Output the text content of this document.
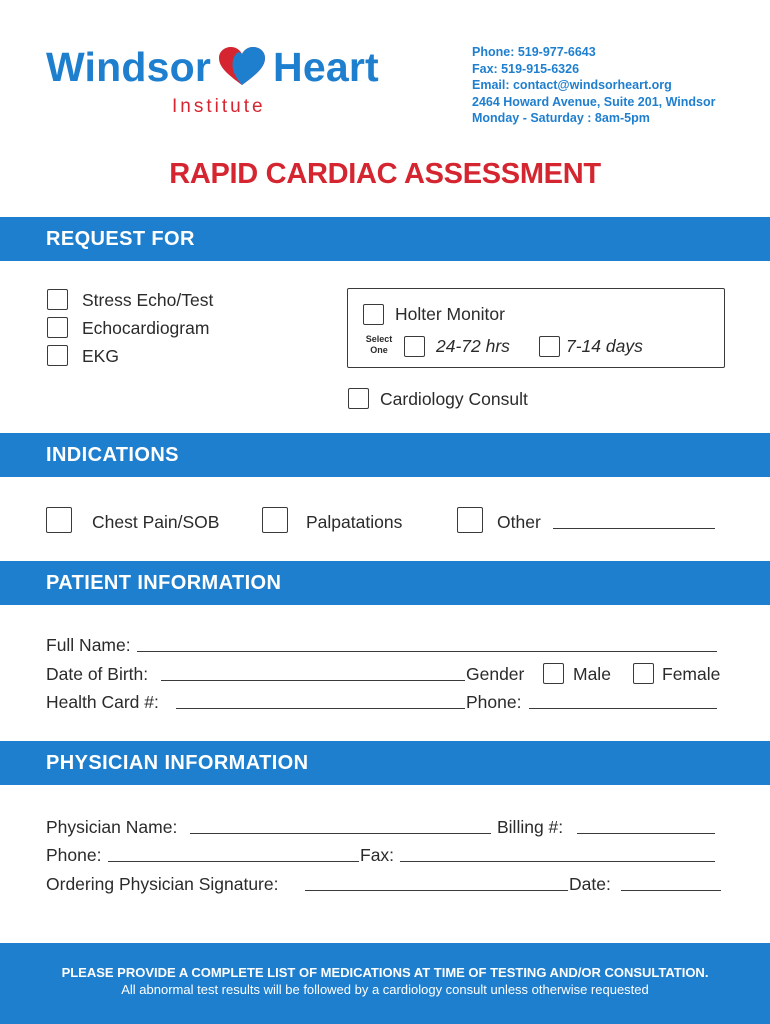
Windsor Heart
Institute
Phone: 519-977-6643
Fax: 519-915-6326
Email: contact@windsorheart.org
2464 Howard Avenue, Suite 201, Windsor
Monday - Saturday : 8am-5pm
RAPID CARDIAC ASSESSMENT
REQUEST FOR
Stress Echo/Test
Echocardiogram
EKG
Holter Monitor
Select
One	24-72 hrs	7-14 days
Cardiology Consult
INDICATIONS
Chest Pain/SOB	Palpatations	Other
PATIENT INFORMATION
Full Name:
Date of Birth:	Gender	Male	Female
Health Card #:	Phone:
PHYSICIAN INFORMATION
Physician Name:	Billing #:
Phone:	Fax:
Ordering Physician Signature:	Date:
PLEASE PROVIDE A COMPLETE LIST OF MEDICATIONS AT TIME OF TESTING AND/OR CONSULTATION.
All abnormal test results will be followed by a cardiology consult unless otherwise requested
